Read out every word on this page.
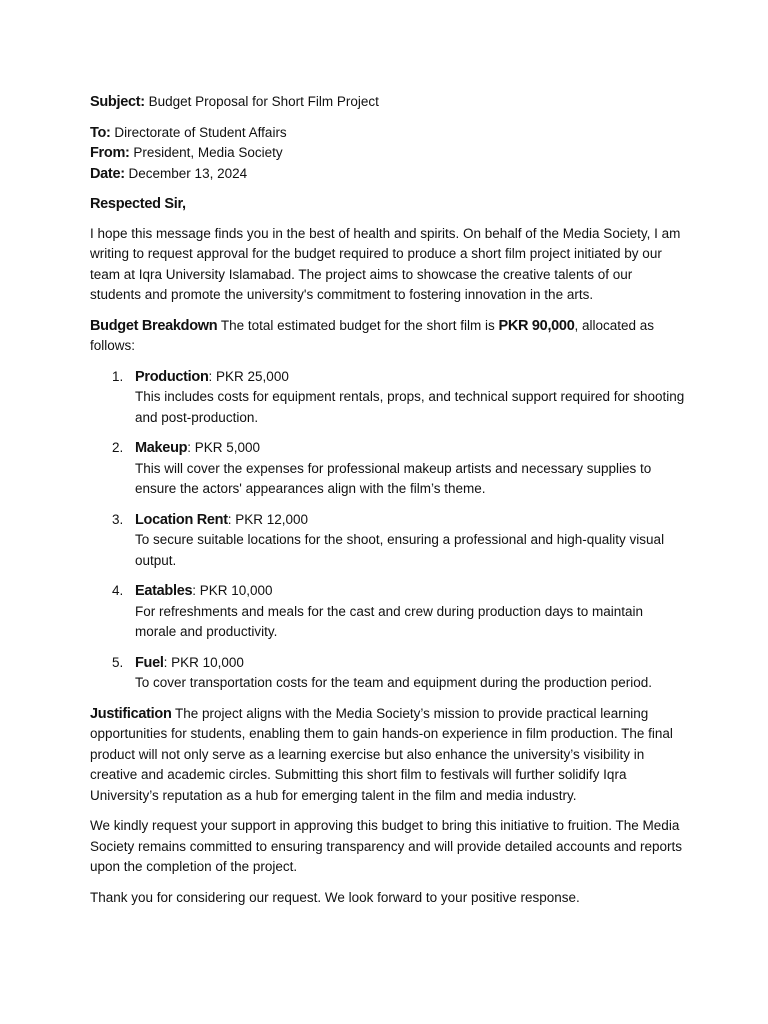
Subject: Budget Proposal for Short Film Project
To: Directorate of Student Affairs
From: President, Media Society
Date: December 13, 2024
Respected Sir,

I hope this message finds you in the best of health and spirits. On behalf of the Media Society, I am writing to request approval for the budget required to produce a short film project initiated by our team at Iqra University Islamabad. The project aims to showcase the creative talents of our students and promote the university's commitment to fostering innovation in the arts.

Budget Breakdown The total estimated budget for the short film is PKR 90,000, allocated as follows:

1. Production: PKR 25,000
This includes costs for equipment rentals, props, and technical support required for shooting and post-production.
2. Makeup: PKR 5,000
This will cover the expenses for professional makeup artists and necessary supplies to ensure the actors' appearances align with the film’s theme.
3. Location Rent: PKR 12,000
To secure suitable locations for the shoot, ensuring a professional and high-quality visual output.
4. Eatables: PKR 10,000
For refreshments and meals for the cast and crew during production days to maintain morale and productivity.
5. Fuel: PKR 10,000
To cover transportation costs for the team and equipment during the production period.

Justification The project aligns with the Media Society’s mission to provide practical learning opportunities for students, enabling them to gain hands-on experience in film production. The final product will not only serve as a learning exercise but also enhance the university’s visibility in creative and academic circles. Submitting this short film to festivals will further solidify Iqra University’s reputation as a hub for emerging talent in the film and media industry.

We kindly request your support in approving this budget to bring this initiative to fruition. The Media Society remains committed to ensuring transparency and will provide detailed accounts and reports upon the completion of the project.

Thank you for considering our request. We look forward to your positive response.
